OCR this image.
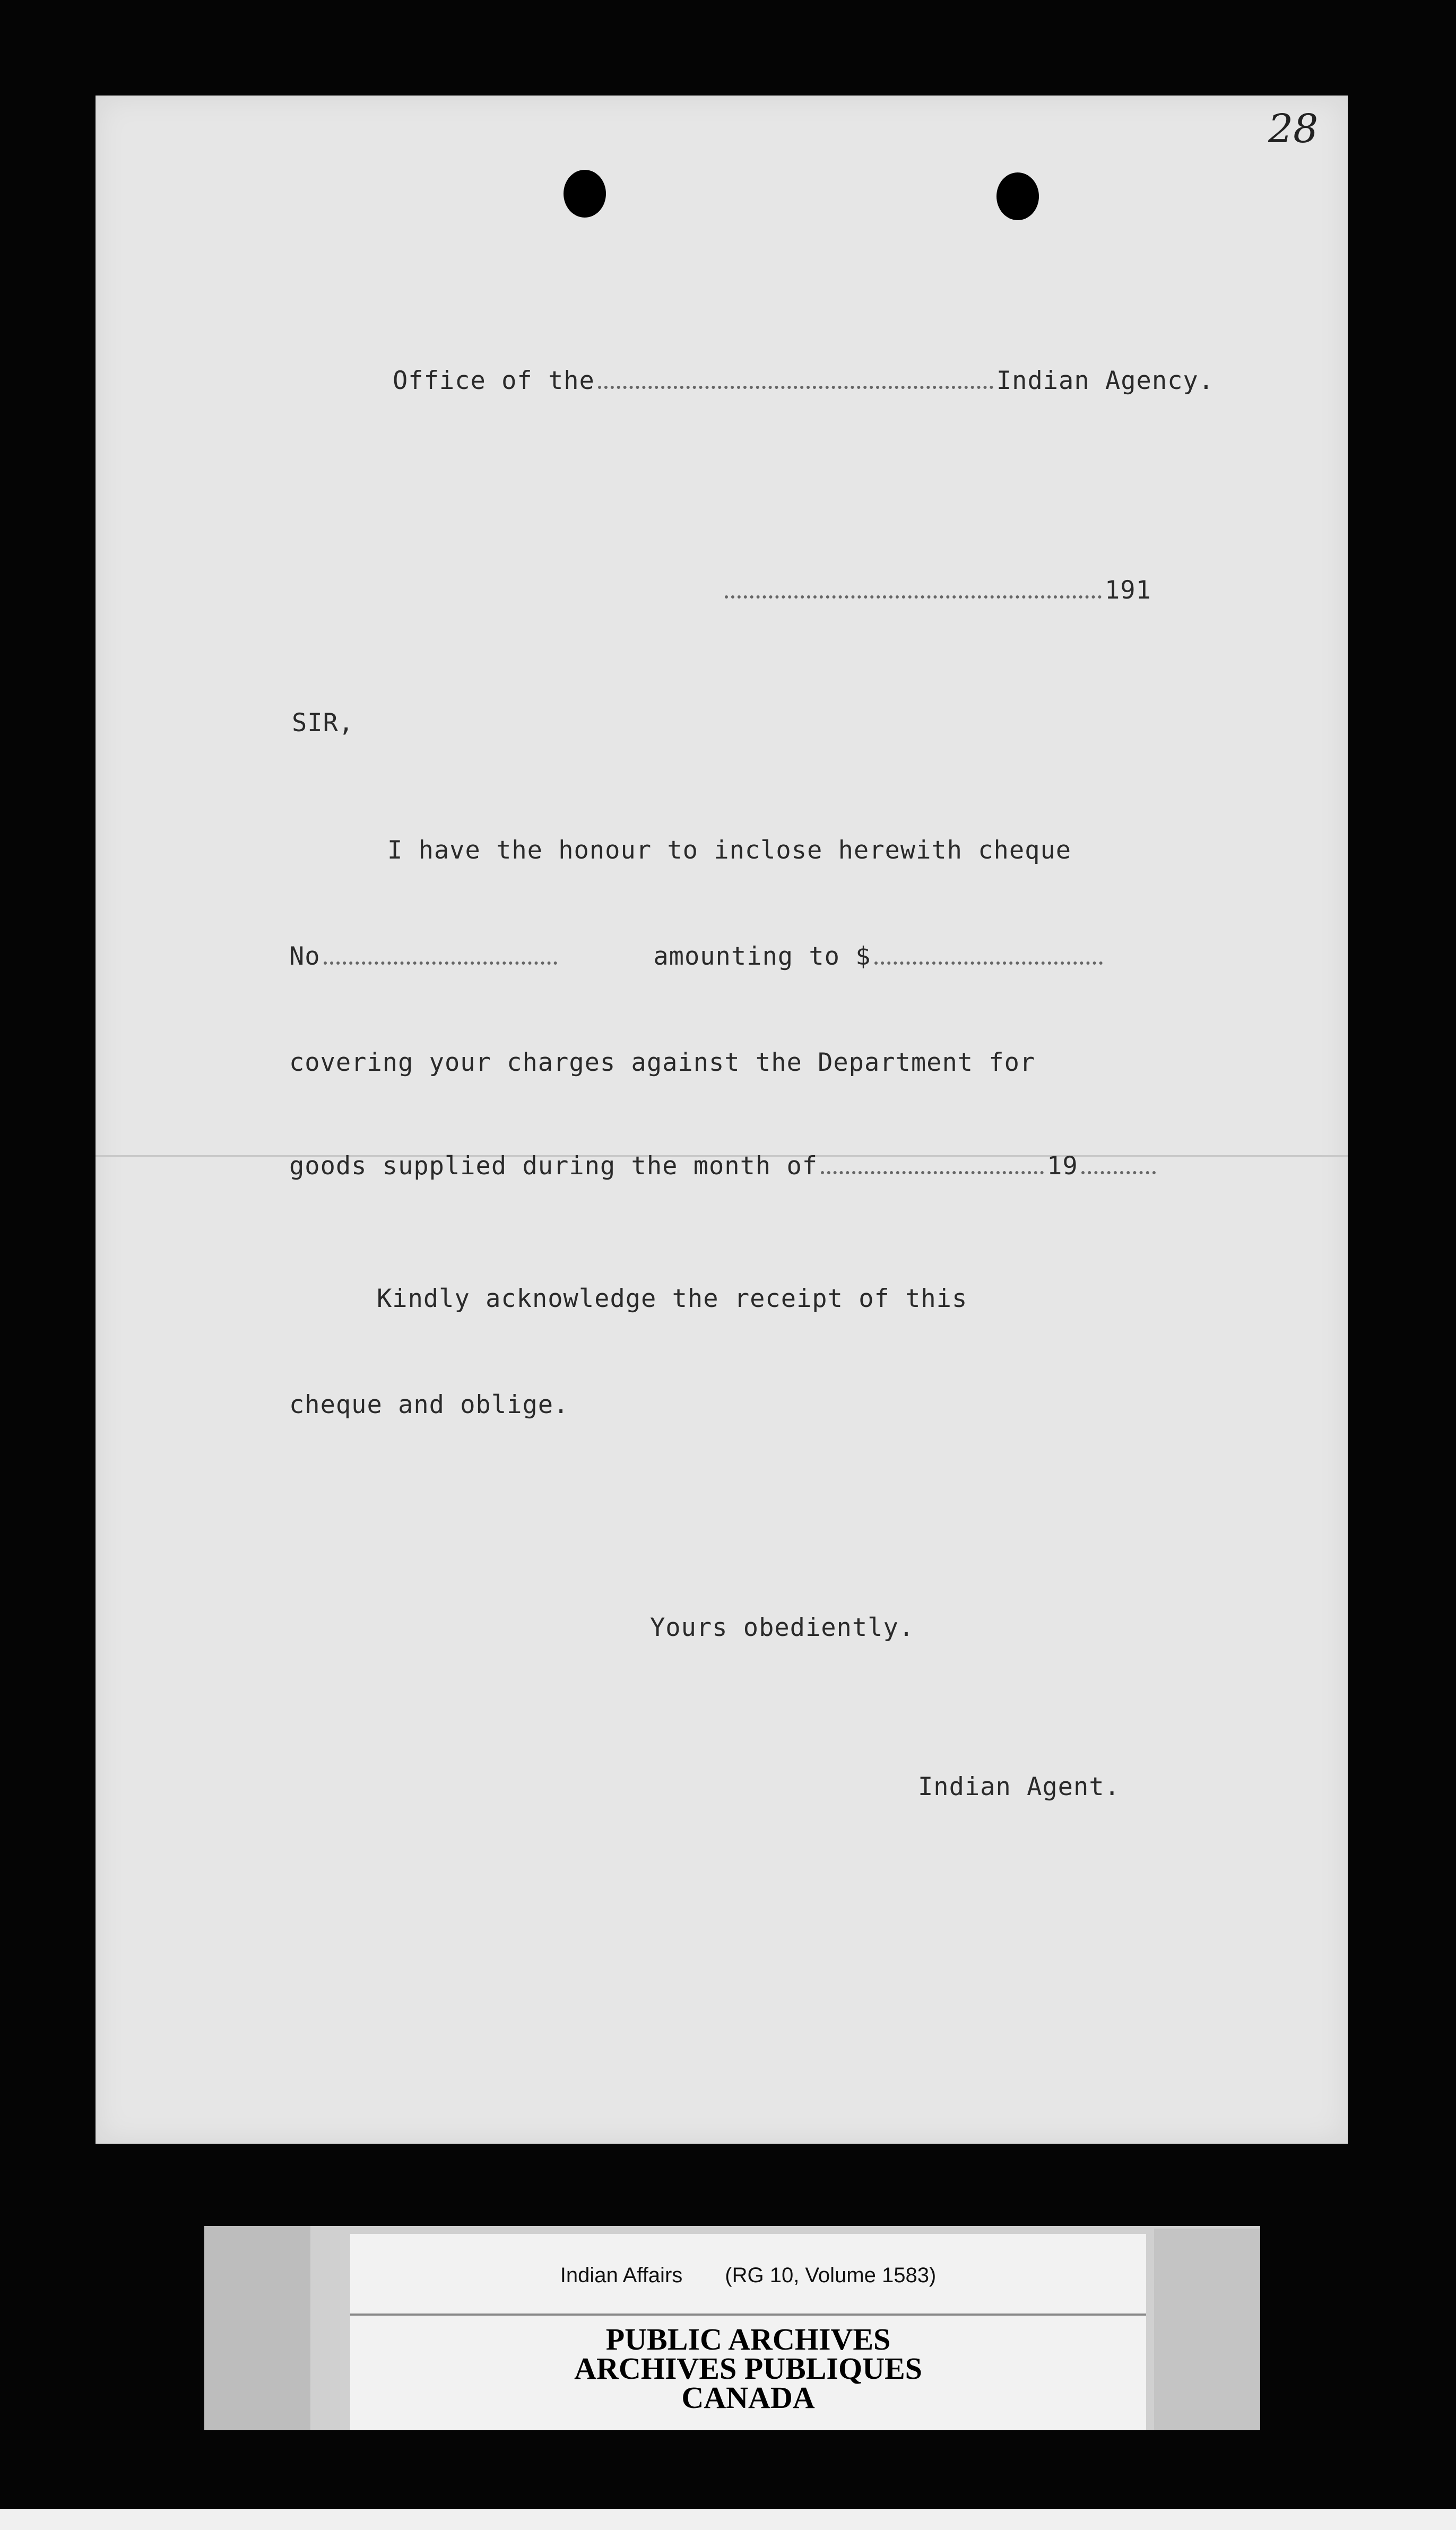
28
Office of the	Indian Agency.
191
SIR,
I have the honour to inclose herewith cheque
No	amounting to $
covering your charges against the Department for
goods supplied during the month of	19
Kindly acknowledge the receipt of this
cheque and oblige.
Yours obediently.
Indian Agent.
Indian Affairs (RG 10, Volume 1583)
PUBLIC ARCHIVES
ARCHIVES PUBLIQUES
CANADA
